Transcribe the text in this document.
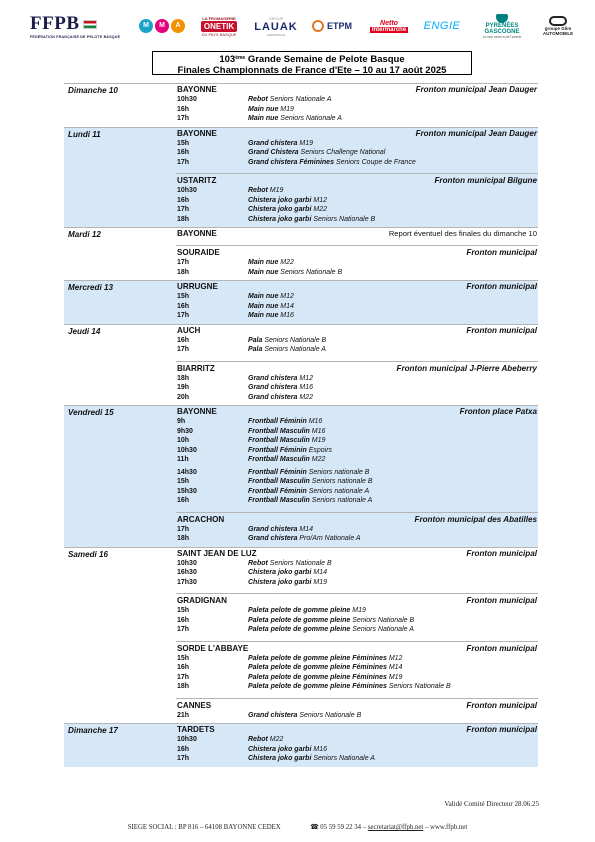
FFPB
FÉDÉRATION FRANÇAISE DE PELOTE BASQUE
M	M	A
LA FROMAGERIE
ONETIK
DU PAYS BASQUE
GROUP
LAUAK
AEROSPACE
ETPM	Netto
Intermarché ENGIE	PYRÉNÉES
GASCOGNE
Le bon sens a de l'avenir
groupe Glim
AUTOMOBILE
103ème Grande Semaine de Pelote Basque
Finales Championnats de France d'Ete – 10 au 17 août 2025
Dimanche 10	BAYONNE	Fronton municipal Jean Dauger
10h30	Rebot Seniors Nationale A
16h	Main nue M19
17h	Main nue Seniors Nationale A
Lundi 11	BAYONNE	Fronton municipal Jean Dauger
15h	Grand chistera M19
16h	Grand Chistera Seniors Challenge National
17h	Grand chistera Féminines Seniors Coupe de France
USTARITZ	Fronton municipal Bilgune
10h30	Rebot M19
16h	Chistera joko garbi M12
17h	Chistera joko garbi M22
18h	Chistera joko garbi Seniors Nationale B
Mardi 12	BAYONNE	Report éventuel des finales du dimanche 10
SOURAIDE	Fronton municipal
17h	Main nue M22
18h	Main nue Seniors Nationale B
Mercredi 13	URRUGNE	Fronton municipal
15h	Main nue M12
16h	Main nue M14
17h	Main nue M16
Jeudi 14	AUCH	Fronton municipal
16h	Pala Seniors Nationale B
17h	Pala Seniors Nationale A
BIARRITZ	Fronton municipal J-Pierre Abeberry
18h	Grand chistera M12
19h	Grand chistera M16
20h	Grand chistera M22
Vendredi 15	BAYONNE	Fronton place Patxa
9h	Frontball Féminin M16
9h30	Frontball Masculin M16
10h	Frontball Masculin M19
10h30	Frontball Féminin Espoirs
11h	Frontball Masculin M22
14h30	Frontball Féminin Seniors nationale B
15h	Frontball Masculin Seniors nationale B
15h30	Frontball Féminin Seniors nationale A
16h	Frontball Masculin Seniors nationale A
ARCACHON	Fronton municipal des Abatilles
17h	Grand chistera M14
18h	Grand chistera Pro/Am Nationale A
Samedi 16	SAINT JEAN DE LUZ	Fronton municipal
10h30	Rebot Seniors Nationale B
16h30	Chistera joko garbi M14
17h30	Chistera joko garbi M19
GRADIGNAN	Fronton municipal
15h	Paleta pelote de gomme pleine M19
16h	Paleta pelote de gomme pleine Seniors Nationale B
17h	Paleta pelote de gomme pleine Seniors Nationale A
SORDE L'ABBAYE	Fronton municipal
15h	Paleta pelote de gomme pleine Féminines M12
16h	Paleta pelote de gomme pleine Féminines M14
17h	Paleta pelote de gomme pleine Féminines M19
18h	Paleta pelote de gomme pleine Féminines Seniors Nationale B
CANNES	Fronton municipal
21h	Grand chistera Seniors Nationale B
Dimanche 17	TARDETS	Fronton municipal
10h30	Rebot M22
16h	Chistera joko garbi M16
17h	Chistera joko garbi Seniors Nationale A
Validé Comité Directeur 28.06.25
SIEGE SOCIAL : BP 816 – 64108 BAYONNE CEDEX	☎ 05 59 59 22 34 – secretariat@ffpb.net – www.ffpb.net
